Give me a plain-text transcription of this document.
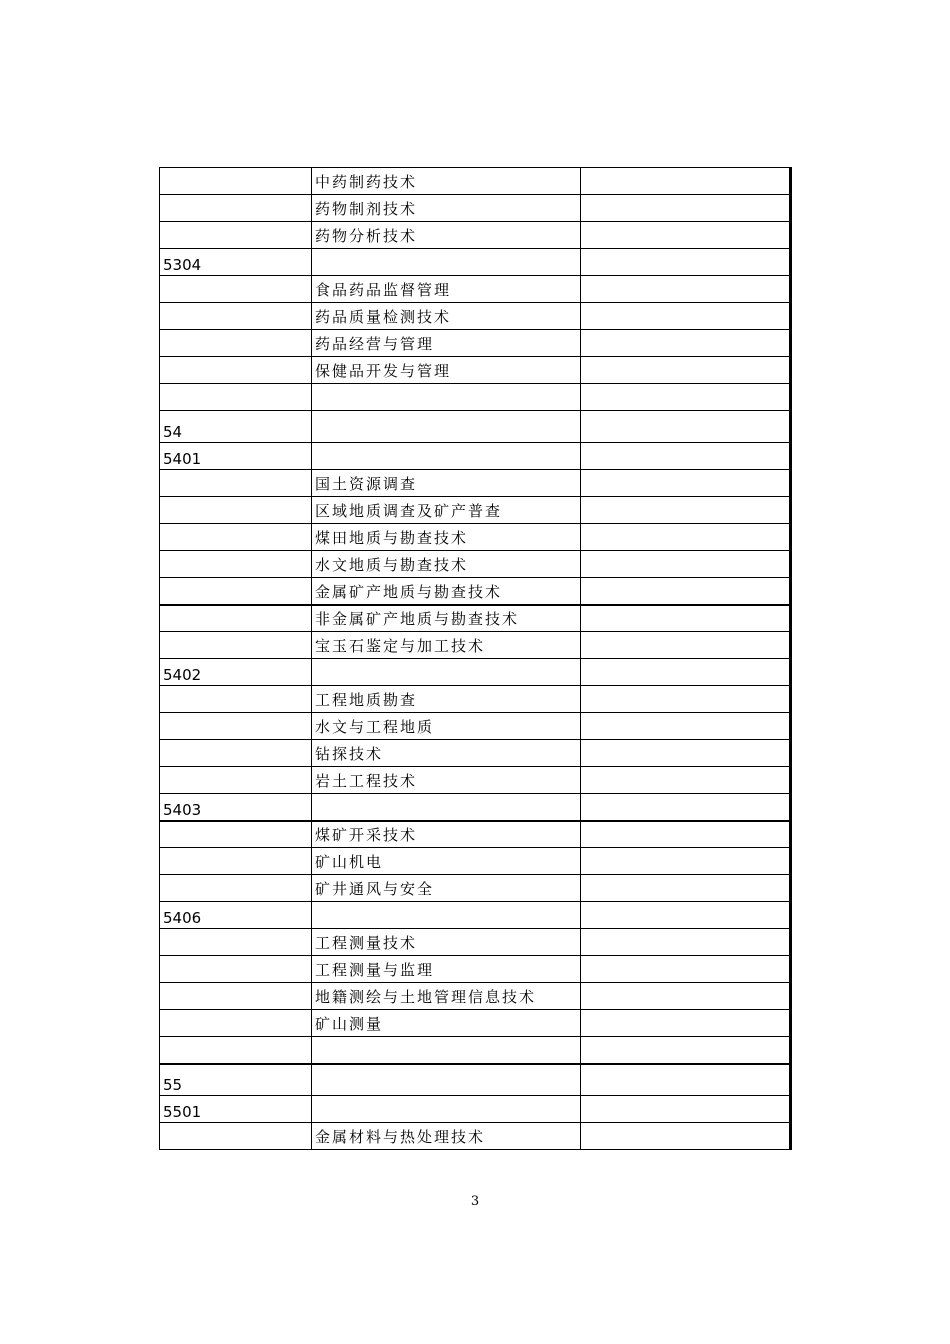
	中药制药技术	
	药物制剂技术	
	药物分析技术	
5304		
	食品药品监督管理	
	药品质量检测技术	
	药品经营与管理	
	保健品开发与管理	

54		
5401		
	国土资源调查	
	区域地质调查及矿产普查	
	煤田地质与勘查技术	
	水文地质与勘查技术	
	金属矿产地质与勘查技术	
	非金属矿产地质与勘查技术	
	宝玉石鉴定与加工技术	
5402		
	工程地质勘查	
	水文与工程地质	
	钻探技术	
	岩土工程技术	
5403		
	煤矿开采技术	
	矿山机电	
	矿井通风与安全	
5406		
	工程测量技术	
	工程测量与监理	
	地籍测绘与土地管理信息技术	
	矿山测量	

55		
5501		
	金属材料与热处理技术	
3
